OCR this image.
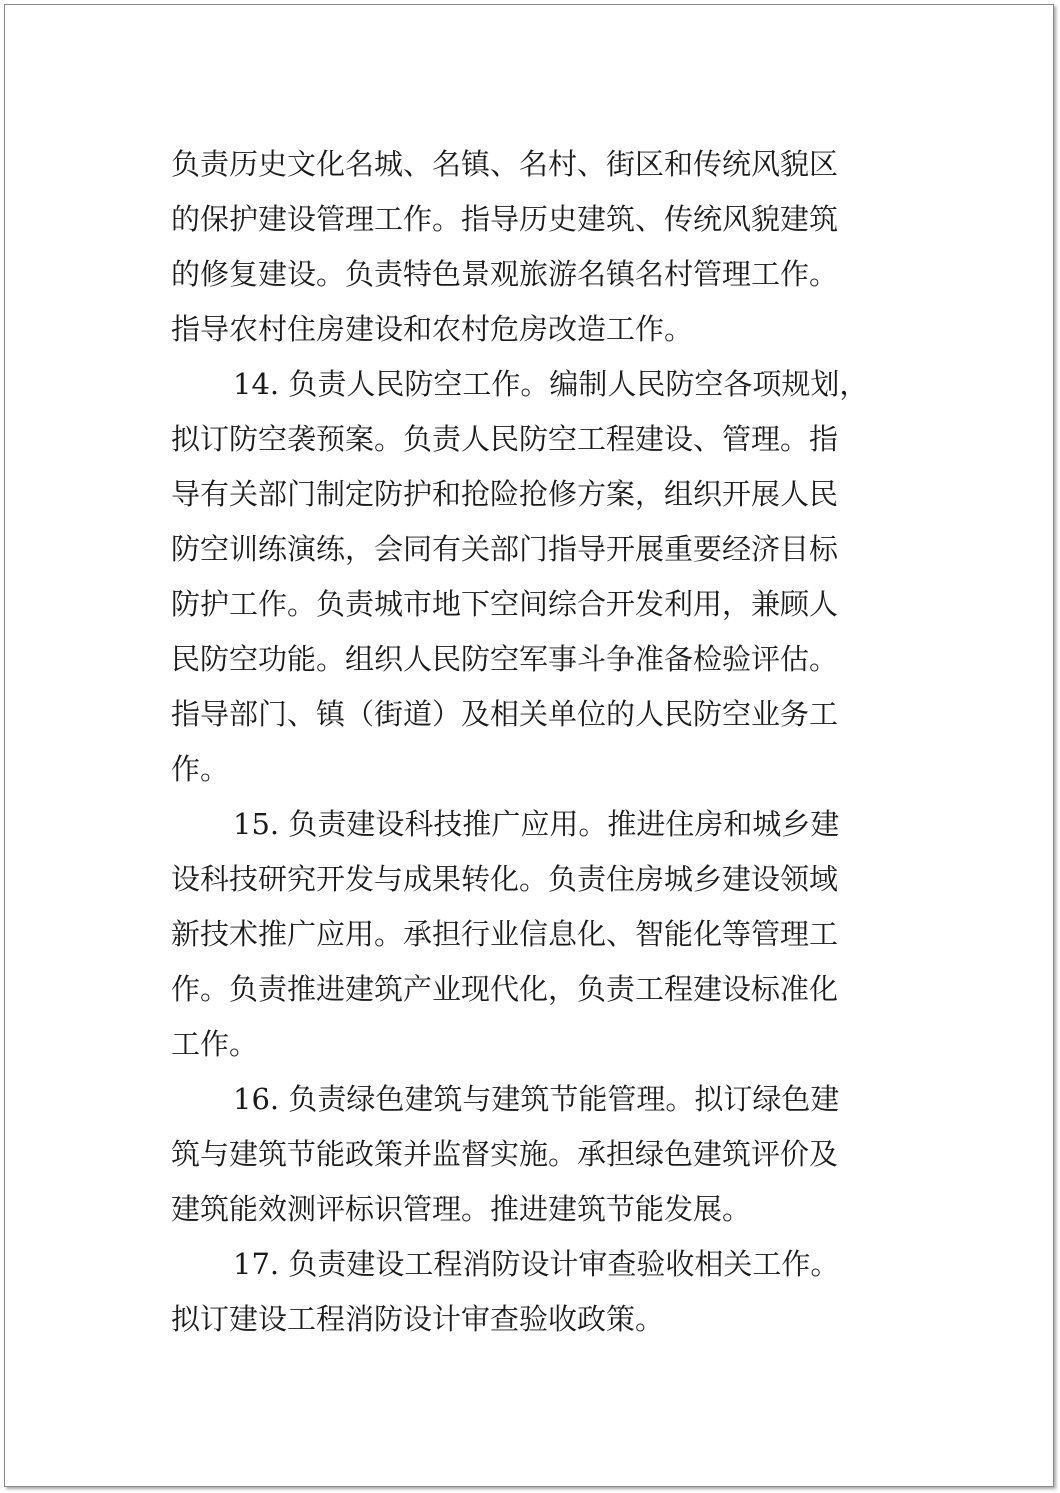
负责历史文化名城、名镇、名村、街区和传统风貌区
的保护建设管理工作。指导历史建筑、传统风貌建筑
的修复建设。负责特色景观旅游名镇名村管理工作。
指导农村住房建设和农村危房改造工作。
14. 负责人民防空工作。编制人民防空各项规划，
拟订防空袭预案。负责人民防空工程建设、管理。指
导有关部门制定防护和抢险抢修方案，组织开展人民
防空训练演练，会同有关部门指导开展重要经济目标
防护工作。负责城市地下空间综合开发利用，兼顾人
民防空功能。组织人民防空军事斗争准备检验评估。
指导部门、镇（街道）及相关单位的人民防空业务工
作。
15. 负责建设科技推广应用。推进住房和城乡建
设科技研究开发与成果转化。负责住房城乡建设领域
新技术推广应用。承担行业信息化、智能化等管理工
作。负责推进建筑产业现代化，负责工程建设标准化
工作。
16. 负责绿色建筑与建筑节能管理。拟订绿色建
筑与建筑节能政策并监督实施。承担绿色建筑评价及
建筑能效测评标识管理。推进建筑节能发展。
17. 负责建设工程消防设计审查验收相关工作。
拟订建设工程消防设计审查验收政策。
